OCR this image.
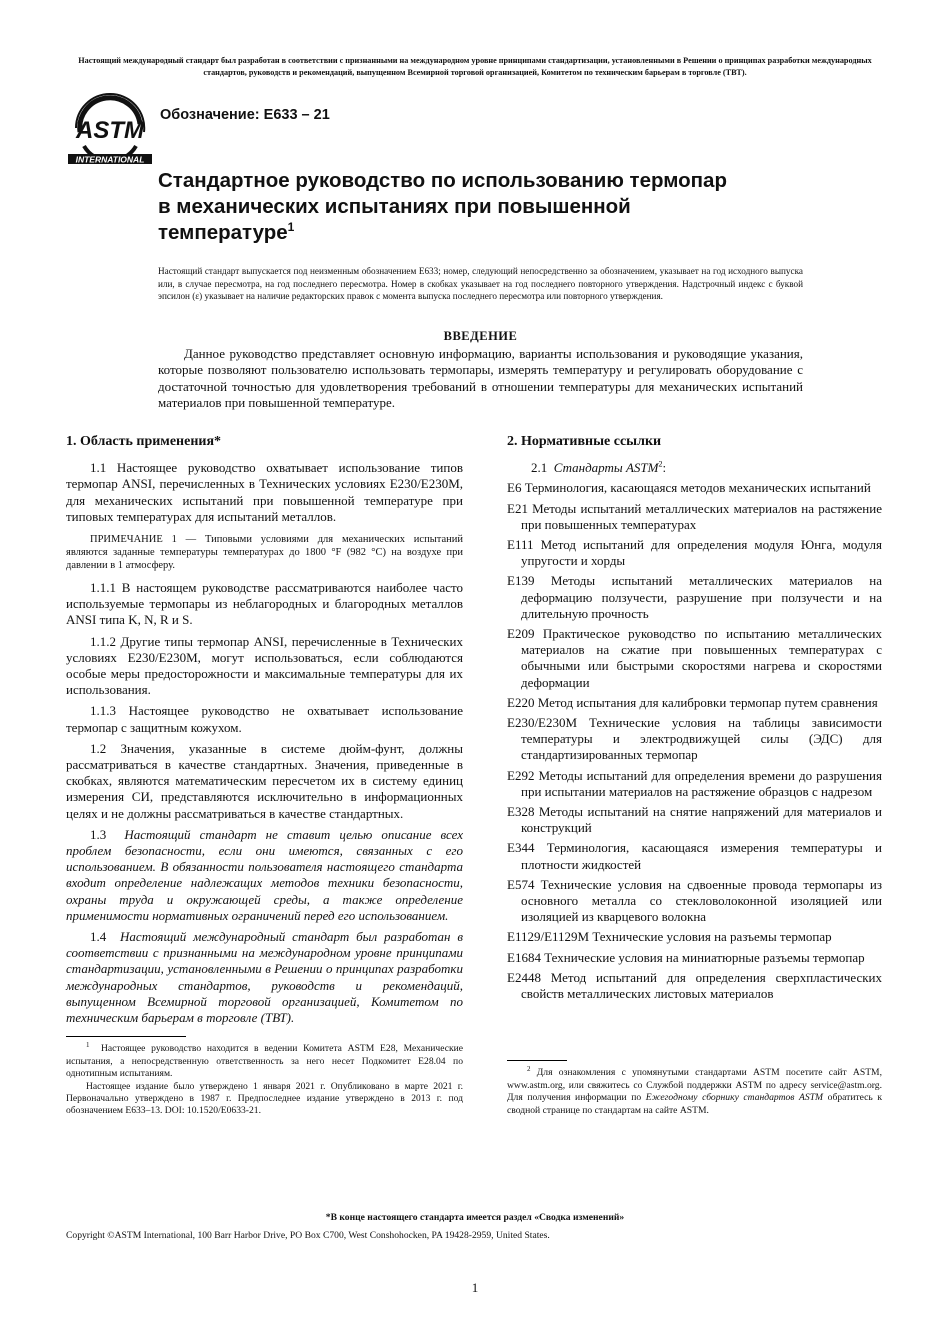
Настоящий международный стандарт был разработан в соответствии с признанными на международном уровне принципами стандартизации, установленными в Решении о принципах разработки международных стандартов, руководств и рекомендаций, выпущенном Всемирной торговой организацией, Комитетом по техническим барьерам в торговле (ТВТ).
ASTM
INTERNATIONAL
Обозначение: E633 – 21
Стандартное руководство по использованию термопар
в механических испытаниях при повышенной
температуре$^1$
Настоящий стандарт выпускается под неизменным обозначением E633; номер, следующий непосредственно за обозначением, указывает на год исходного выпуска или, в случае пересмотра, на год последнего пересмотра. Номер в скобках указывает на год последнего повторного утверждения. Надстрочный индекс с буквой эпсилон (ε) указывает на наличие редакторских правок с момента выпуска последнего пересмотра или повторного утверждения.
ВВЕДЕНИЕ
Данное руководство представляет основную информацию, варианты использования и руководящие указания, которые позволяют пользователю использовать термопары, измерять температуру и регулировать оборудование с достаточной точностью для удовлетворения требований в отношении температуры для механических испытаний материалов при повышенной температуре.
1. Область применения*

1.1 Настоящее руководство охватывает использование типов термопар ANSI, перечисленных в Технических условиях E230/E230M, для механических испытаний при повышенной температуре при типовых температурах для испытаний металлов.

ПРИМЕЧАНИЕ 1 — Типовыми условиями для механических испытаний являются заданные температуры температурах до 1800 °F (982 °C) на воздухе при давлении в 1 атмосферу.

1.1.1 В настоящем руководстве рассматриваются наиболее часто используемые термопары из неблагородных и благородных металлов ANSI типа K, N, R и S.

1.1.2 Другие типы термопар ANSI, перечисленные в Технических условиях E230/E230M, могут использоваться, если соблюдаются особые меры предосторожности и максимальные температуры для их использования.

1.1.3 Настоящее руководство не охватывает использование термопар с защитным кожухом.

1.2 Значения, указанные в системе дюйм-фунт, должны рассматриваться в качестве стандартных. Значения, приведенные в скобках, являются математическим пересчетом их в систему единиц измерения СИ, представляются исключительно в информационных целях и не должны рассматриваться в качестве стандартных.

1.3 Настоящий стандарт не ставит целью описание всех проблем безопасности, если они имеются, связанных с его использованием. В обязанности пользователя настоящего стандарта входит определение надлежащих методов техники безопасности, охраны труда и окружающей среды, а также определение применимости нормативных ограничений перед его использованием.

1.4 Настоящий международный стандарт был разработан в соответствии с признанными на международном уровне принципами стандартизации, установленными в Решении о принципах разработки международных стандартов, руководств и рекомендаций, выпущенном Всемирной торговой организацией, Комитетом по техническим барьерам в торговле (ТВТ).

$^1$ Настоящее руководство находится в ведении Комитета ASTM E28, Механические испытания, а непосредственную ответственность за него несет Подкомитет E28.04 по однотипным испытаниям.

Настоящее издание было утверждено 1 января 2021 г. Опубликовано в марте 2021 г. Первоначально утверждено в 1987 г. Предпоследнее издание утверждено в 2013 г. под обозначением E633–13. DOI: 10.1520/E0633-21.

2. Нормативные ссылки

2.1 Стандарты ASTM$^2$:

E6 Терминология, касающаяся методов механических испытаний

E21 Методы испытаний металлических материалов на растяжение при повышенных температурах

E111 Метод испытаний для определения модуля Юнга, модуля упругости и хорды

E139 Методы испытаний металлических материалов на деформацию ползучести, разрушение при ползучести и на длительную прочность

E209 Практическое руководство по испытанию металлических материалов на сжатие при повышенных температурах с обычными или быстрыми скоростями нагрева и скоростями деформации

E220 Метод испытания для калибровки термопар путем сравнения

E230/E230M Технические условия на таблицы зависимости температуры и электродвижущей силы (ЭДС) для стандартизированных термопар

E292 Методы испытаний для определения времени до разрушения при испытании материалов на растяжение образцов с надрезом

E328 Методы испытаний на снятие напряжений для материалов и конструкций

E344 Терминология, касающаяся измерения температуры и плотности жидкостей

E574 Технические условия на сдвоенные провода термопары из основного металла со стекловолоконной изоляцией или изоляцией из кварцевого волокна

E1129/E1129M Технические условия на разъемы термопар

E1684 Технические условия на миниатюрные разъемы термопар

E2448 Метод испытаний для определения сверхпластических свойств металлических листовых материалов

$^2$ Для ознакомления с упомянутыми стандартами ASTM посетите сайт ASTM, www.astm.org, или свяжитесь со Службой поддержки ASTM по адресу service@astm.org. Для получения информации по Ежегодному сборнику стандартов ASTM обратитесь к сводной странице по стандартам на сайте ASTM.

*В конце настоящего стандарта имеется раздел «Сводка изменений»
Copyright ©ASTM International, 100 Barr Harbor Drive, PO Box C700, West Conshohocken, PA 19428-2959, United States.
1
